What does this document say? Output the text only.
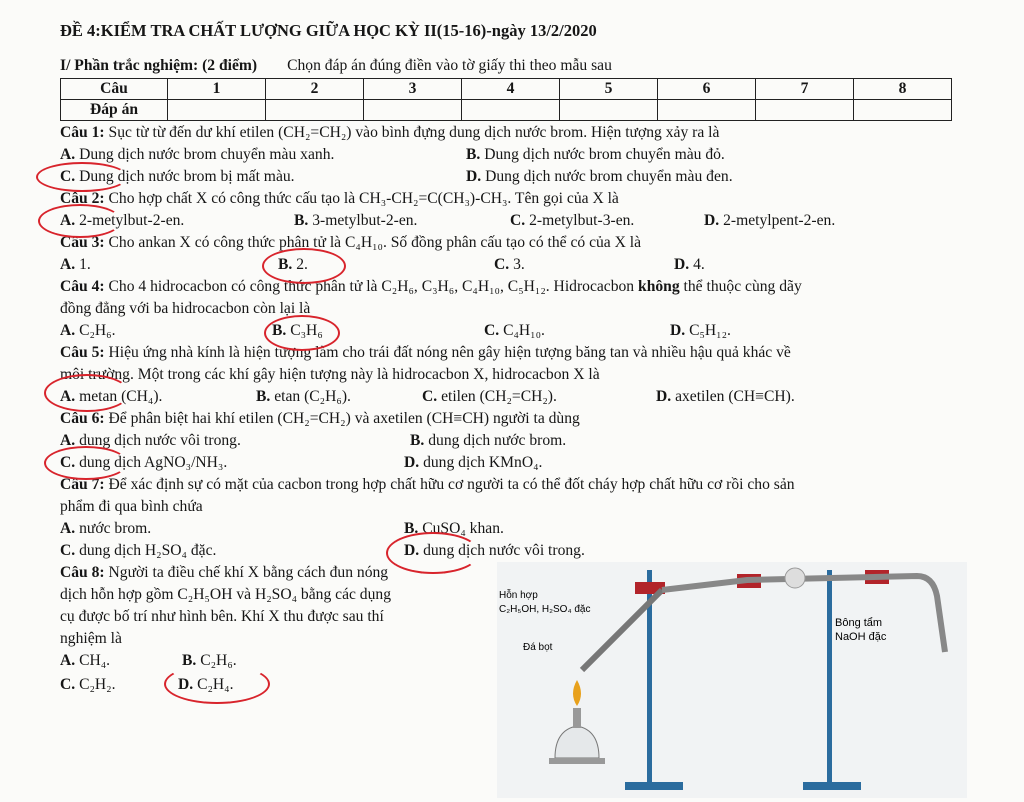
ĐỀ 4:KIỂM TRA CHẤT LƯỢNG GIỮA HỌC KỲ II(15-16)-ngày 13/2/2020
I/ Phần trắc nghiệm: (2 điểm) Chọn đáp án đúng điền vào tờ giấy thi theo mẫu sau
Câu	1	2	3	4	5	6	7	8
Đáp án								
Câu 1: Sục từ từ đến dư khí etilen (CH₂=CH₂) vào bình đựng dung dịch nước brom. Hiện tượng xảy ra là
A. Dung dịch nước brom chuyển màu xanh.	B. Dung dịch nước brom chuyển màu đỏ.
C. Dung dịch nước brom bị mất màu.	D. Dung dịch nước brom chuyển màu đen.
Câu 2: Cho hợp chất X có công thức cấu tạo là CH₃-CH₂=C(CH₃)-CH₃. Tên gọi của X là
A. 2-metylbut-2-en.	B. 3-metylbut-2-en.	C. 2-metylbut-3-en.	D. 2-metylpent-2-en.
Câu 3: Cho ankan X có công thức phân tử là C₄H₁₀. Số đồng phân cấu tạo có thể có của X là
A. 1.	B. 2.	C. 3.	D. 4.
Câu 4: Cho 4 hidrocacbon có công thức phân tử là C₂H₆, C₃H₆, C₄H₁₀, C₅H₁₂. Hidrocacbon không thể thuộc cùng dãy
đồng đẳng với ba hidrocacbon còn lại là
A. C₂H₆.	B. C₃H₆	C. C₄H₁₀.	D. C₅H₁₂.
Câu 5: Hiệu ứng nhà kính là hiện tượng làm cho trái đất nóng nên gây hiện tượng băng tan và nhiều hậu quả khác về
môi trường. Một trong các khí gây hiện tượng này là hidrocacbon X, hidrocacbon X là
A. metan (CH₄).	B. etan (C₂H₆).	C. etilen (CH₂=CH₂).	D. axetilen (CH≡CH).
Câu 6: Để phân biệt hai khí etilen (CH₂=CH₂) và axetilen (CH≡CH) người ta dùng
A. dung dịch nước vôi trong.	B. dung dịch nước brom.
C. dung dịch AgNO₃/NH₃.	D. dung dịch KMnO₄.
Câu 7: Để xác định sự có mặt của cacbon trong hợp chất hữu cơ người ta có thể đốt cháy hợp chất hữu cơ rồi cho sản
phẩm đi qua bình chứa
A. nước brom.	B. CuSO₄ khan.
C. dung dịch H₂SO₄ đặc.	D. dung dịch nước vôi trong.
Câu 8: Người ta điều chế khí X bằng cách đun nóng
dịch hỗn hợp gồm C₂H₅OH và H₂SO₄ bằng các dụng
cụ được bố trí như hình bên. Khí X thu được sau thí
nghiệm là
A. CH₄.	B. C₂H₆.
C. C₂H₂.	D. C₂H₄.
Hỗn hợp
C₂H₅OH, H₂SO₄ đặc
Đá bọt
Bông tẩm
NaOH đặc
